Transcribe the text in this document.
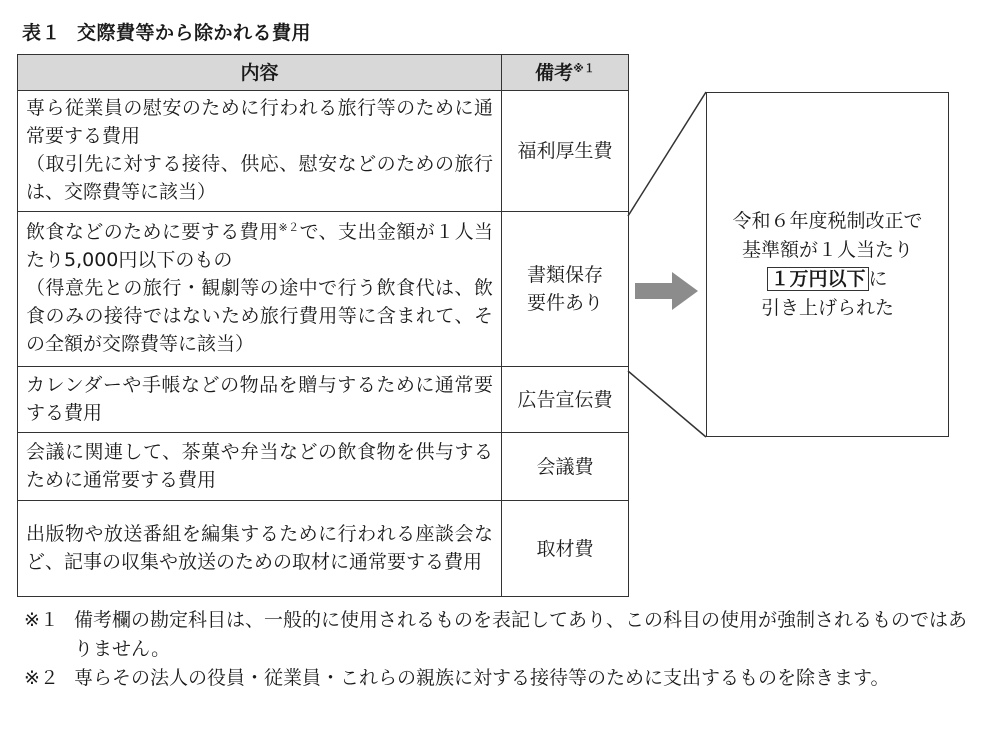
表１ 交際費等から除かれる費用
内容	備考$^{※1}$

専ら従業員の慰安のために行われる旅行等のために通常要する費用
（取引先に対する接待、供応、慰安などのための旅行は、交際費等に該当）	福利厚生費

飲食などのために要する費用$^{※2}$で、支出金額が１人当たり5,000円以下のもの
（得意先との旅行・観劇等の途中で行う飲食代は、飲食のみの接待ではないため旅行費用等に含まれて、その全額が交際費等に該当）	書類保存
要件あり

カレンダーや手帳などの物品を贈与するために通常要する費用	広告宣伝費

会議に関連して、茶菓や弁当などの飲食物を供与するために通常要する費用	会議費

出版物や放送番組を編集するために行われる座談会など、記事の収集や放送のための取材に通常要する費用	取材費
令和６年度税制改正で
基準額が１人当たり
１万円以下 に
引き上げられた
※１ 備考欄の勘定科目は、一般的に使用されるものを表記してあり、この科目の使用が強制されるものではありません。
※２ 専らその法人の役員・従業員・これらの親族に対する接待等のために支出するものを除きます。
